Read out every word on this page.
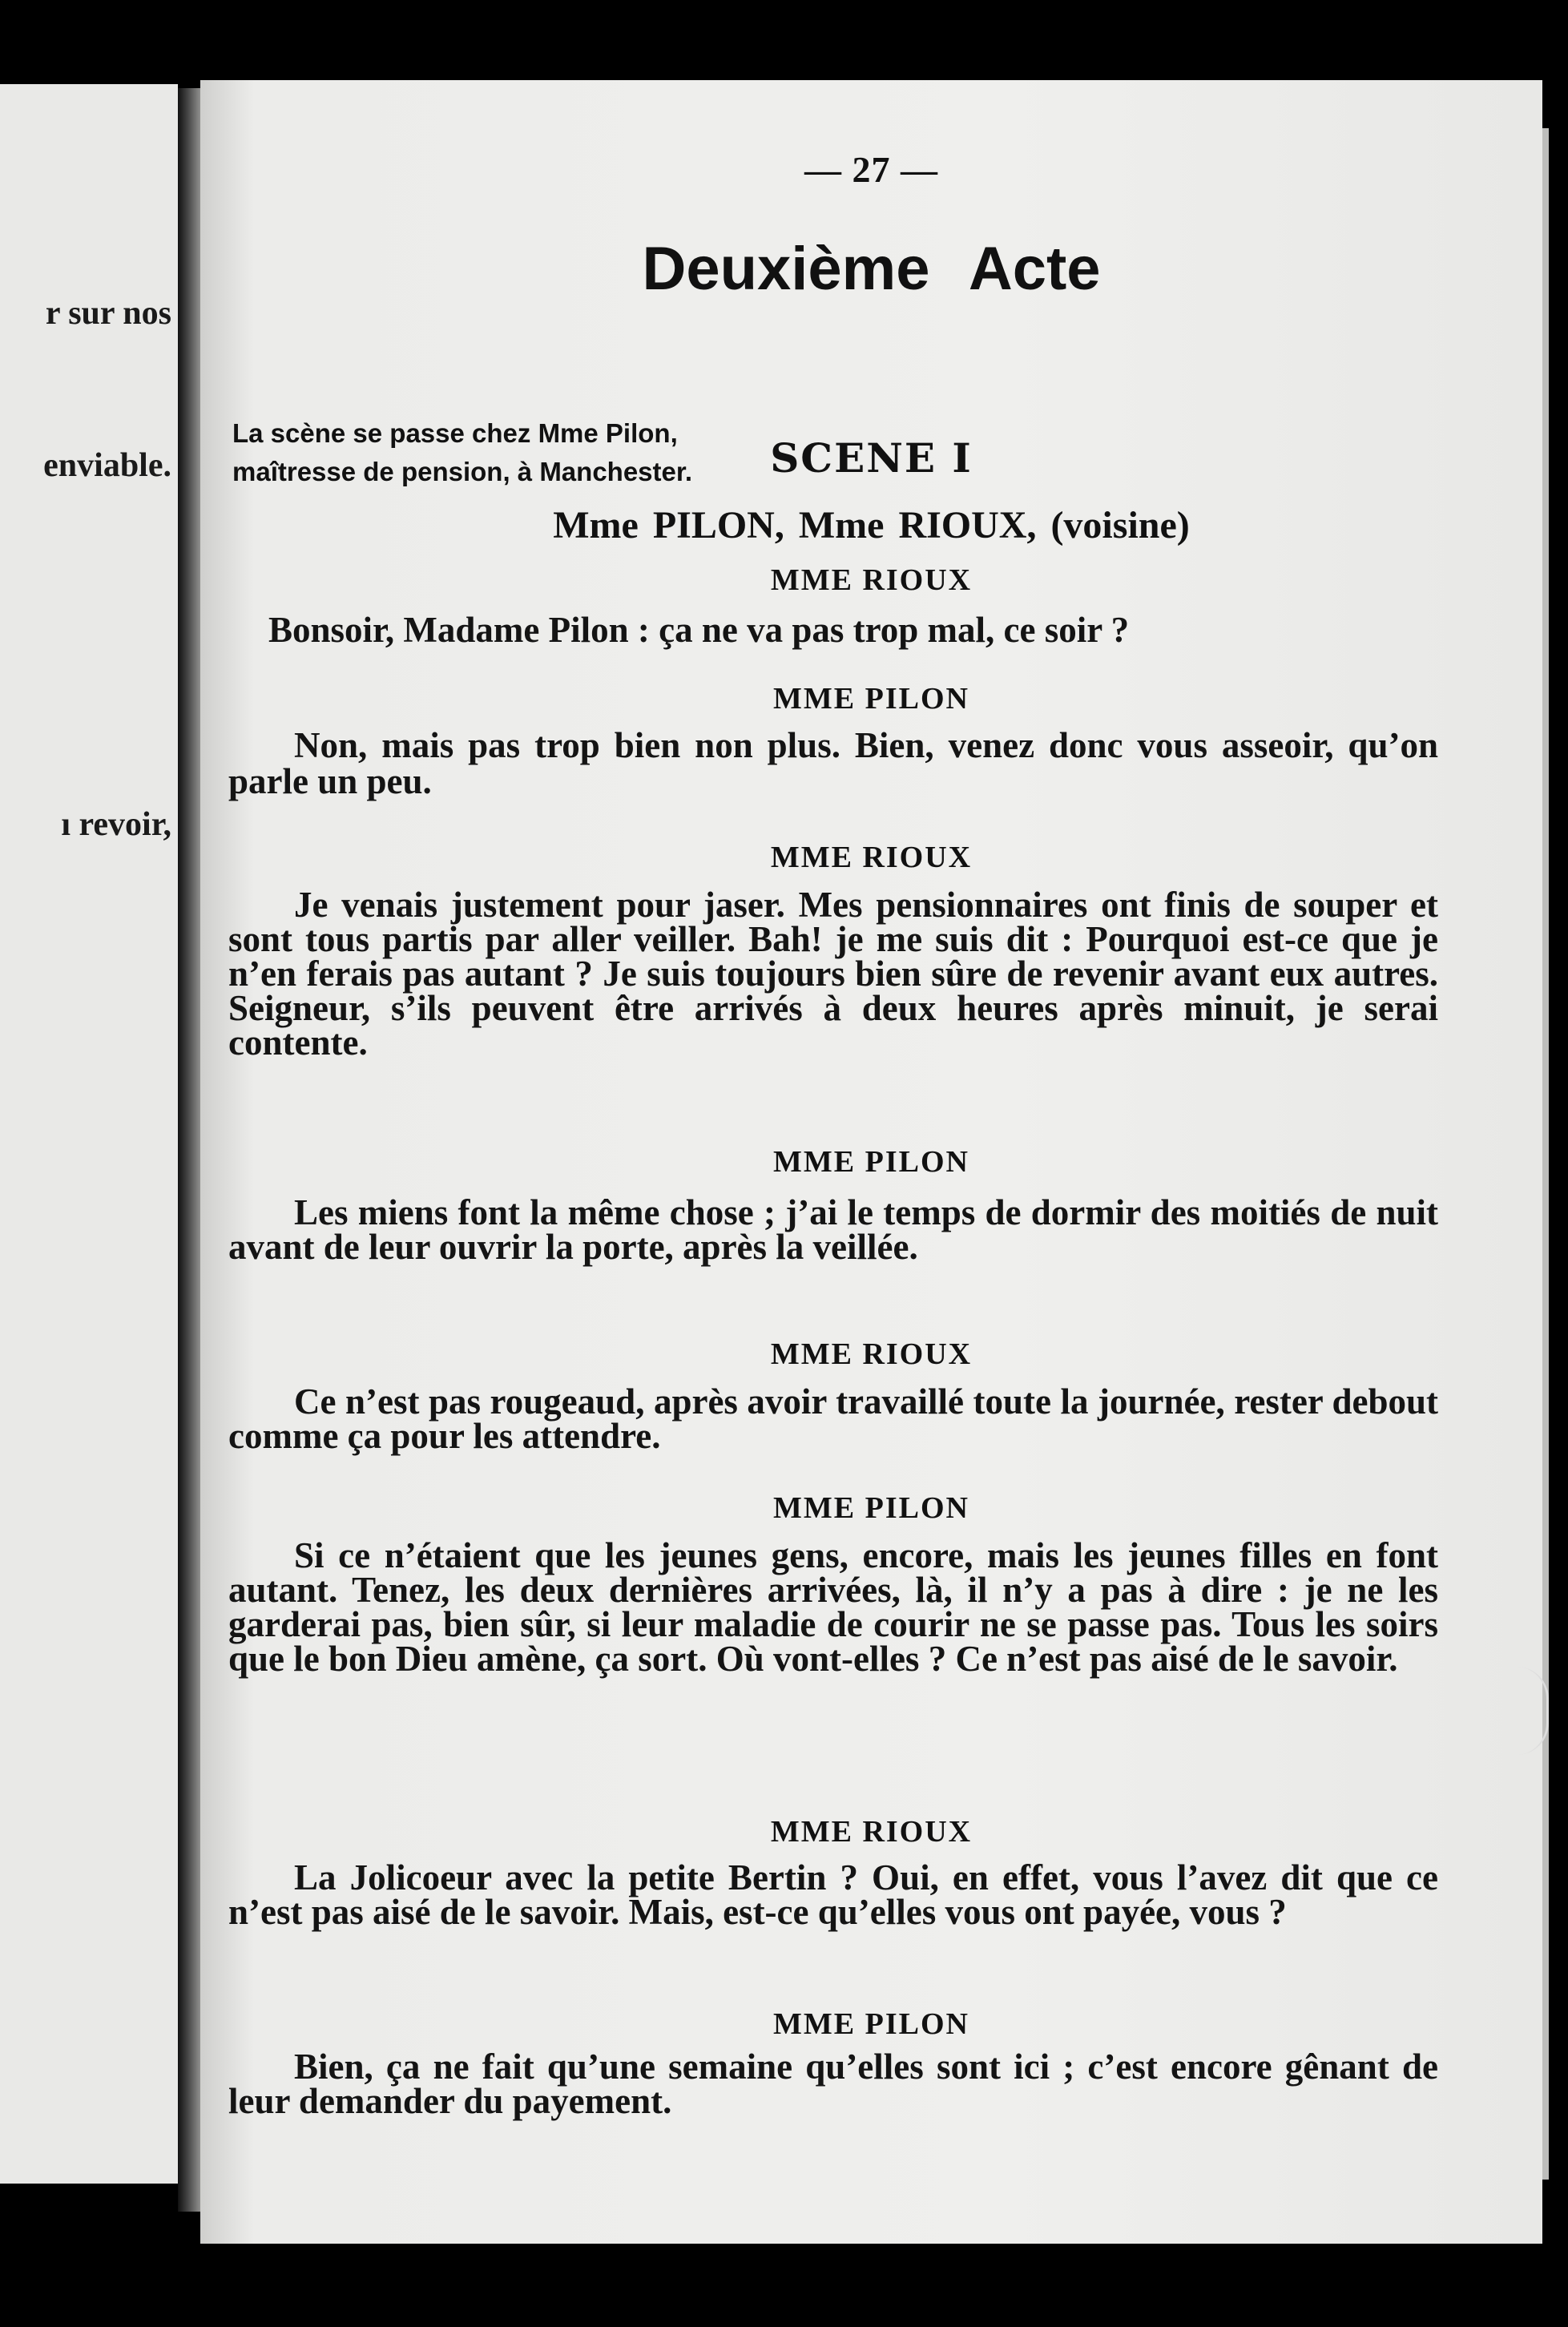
r sur nos
enviable.
ı revoir,
— 27 —
Deuxième Acte
La scène se passe chez Mme Pilon,
maîtresse de pension, à Manchester.	SCENE I
Mme PILON, Mme RIOUX, (voisine)
MME RIOUX
Bonsoir, Madame Pilon : ça ne va pas trop mal, ce soir ?
MME PILON
Non, mais pas trop bien non plus. Bien, venez donc vous asseoir, qu’on parle un peu.
MME RIOUX
Je venais justement pour jaser. Mes pensionnaires ont finis de souper et sont tous partis par aller veiller. Bah! je me suis dit : Pourquoi est-ce que je n’en ferais pas autant ? Je suis toujours bien sûre de revenir avant eux autres. Seigneur, s’ils peuvent être arrivés à deux heures après minuit, je serai contente.
MME PILON
Les miens font la même chose ; j’ai le temps de dormir des moitiés de nuit avant de leur ouvrir la porte, après la veillée.
MME RIOUX
Ce n’est pas rougeaud, après avoir travaillé toute la journée, rester debout comme ça pour les attendre.
MME PILON
Si ce n’étaient que les jeunes gens, encore, mais les jeunes filles en font autant. Tenez, les deux dernières arrivées, là, il n’y a pas à dire : je ne les garderai pas, bien sûr, si leur maladie de courir ne se passe pas. Tous les soirs que le bon Dieu amène, ça sort. Où vont-elles ? Ce n’est pas aisé de le savoir.
MME RIOUX
La Jolicoeur avec la petite Bertin ? Oui, en effet, vous l’avez dit que ce n’est pas aisé de le savoir. Mais, est-ce qu’elles vous ont payée, vous ?
MME PILON
Bien, ça ne fait qu’une semaine qu’elles sont ici ; c’est encore gênant de leur demander du payement.
